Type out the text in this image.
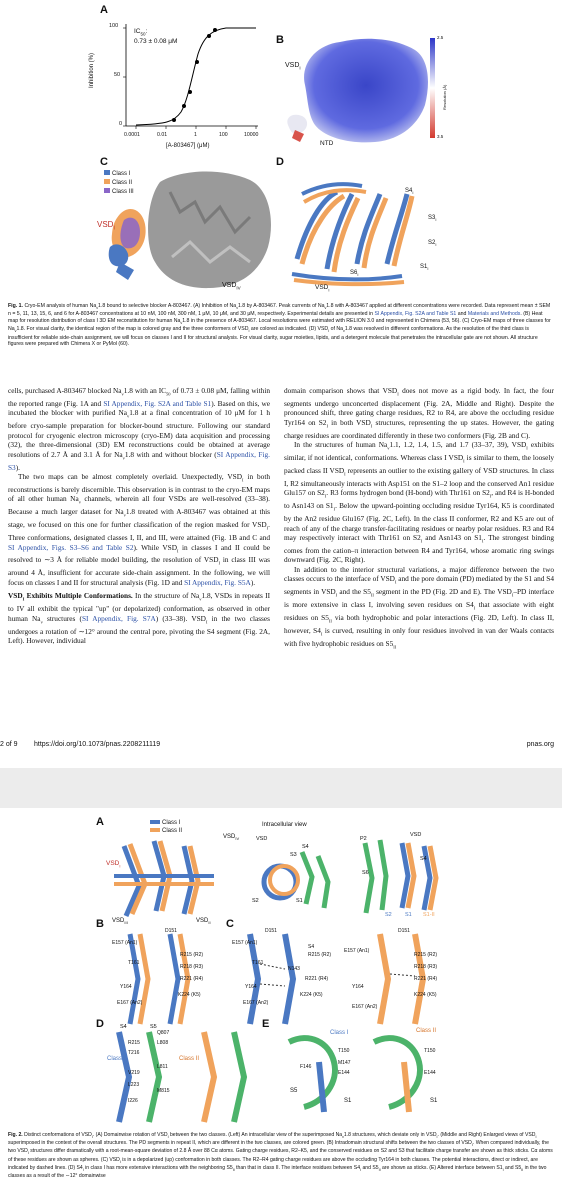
A
$IC_{50}$:
0.73 ± 0.08 μM
Inhibition (%)
100
50
0
0.0001	0.01	1	100	10000
[A-803467] (μM)
B
$VSD_I$
NTD
2.5
3.5
Resolution (Å)
C
Class I
Class II
Class III
$VSD_I$
$VSD_{IV}$
D
$S4_I$
$S3_I$
$S2_I$
$S1_I$
$S6_I$
$VSD_I$
Fig. 1. Cryo-EM analysis of human $Na_v1.8$ bound to selective blocker A-803467. (A) Inhibition of $Na_v1.8$ by A-803467. Peak currents of $Na_v1.8$ with A-803467 applied at different concentrations were recorded. Data represent mean ± SEM n = 5, 11, 13, 15, 6, and 6 for A-803467 concentrations at 10 nM, 100 nM, 300 nM, 1 μM, 10 μM, and 30 μM, respectively. Experimental details are presented in SI Appendix, Fig. S2A and Table S1 and Materials and Methods. (B) Heat map for resolution distribution of class I 3D EM reconstitution for human $Na_v1.8$ in the presence of A-803467. Local resolutions were estimated with RELION 3.0 and represented in Chimera (53, 56). (C) Cryo-EM maps of three classes for $Na_v1.8$. For visual clarity, the identical region of the map is colored gray and the three conformers of $VSD_I$ are colored as indicated. (D) $VSD_I$ of $Na_v1.8$ was resolved in different conformations. As the resolution of the third class is insufficient for reliable side-chain assignment, we will focus on classes I and II for structural analysis. For visual clarity, sugar moieties, lipids, and a detergent molecule that penetrates the intracellular gate are not shown. All structure figures were prepared with Chimera X or PyMol (60).

cells, purchased A-803467 blocked $Na_v1.8$ with an $IC_{50}$ of 0.73 ± 0.08 μM, falling within the reported range (Fig. 1A and SI Appendix, Fig. S2A and Table S1). Based on this, we incubated the blocker with purified $Na_v1.8$ at a final concentration of 10 μM for 1 h before cryo-sample preparation for blocker-bound structure. Following our standard protocol for cryogenic electron microscopy (cryo-EM) data acquisition and processing (32), the three-dimensional (3D) EM reconstructions could be obtained at average resolutions of 2.7 Å and 3.1 Å for $Na_v1.8$ with and without blocker (SI Appendix, Fig. S3).

The two maps can be almost completely overlaid. Unexpectedly, $VSD_I$ in both reconstructions is barely discernible. This observation is in contrast to the cryo-EM maps of all other human $Na_v$ channels, wherein all four VSDs are well-resolved (33–38). Because a much larger dataset for $Na_v1.8$ treated with A-803467 was obtained at this stage, we focused on this one for further classification of the region masked for $VSD_I$. Three conformations, designated classes I, II, and III, were attained (Fig. 1B and C and SI Appendix, Figs. S3–S6 and Table S2). While $VSD_I$ in classes I and II could be resolved to ∼3 Å for reliable model building, the resolution of $VSD_I$ in class III was around 4 Å, insufficient for accurate side-chain assignment. In the following, we will focus on classes I and II for structural analysis (Fig. 1D and SI Appendix, Fig. S5A).

$VSD_I$ Exhibits Multiple Conformations. In the structure of $Na_v1.8$, VSDs in repeats II to IV all exhibit the typical "up" (or depolarized) conformation, as observed in other human $Na_v$ structures (SI Appendix, Fig. S7A) (33–38). $VSD_I$ in the two classes undergoes a rotation of ∼12° around the central pore, pivoting the S4 segment (Fig. 2A, Left). However, individual

domain comparison shows that $VSD_I$ does not move as a rigid body. In fact, the four segments undergo unconcerted displacement (Fig. 2A, Middle and Right). Despite the pronounced shift, three gating charge residues, R2 to R4, are above the occluding residue Tyr164 on $S2_I$ in both $VSD_I$ structures, representing the up states. However, the gating charge residues are coordinated differently in these two conformers (Fig. 2B and C).

In the structures of human $Na_v1.1$, 1.2, 1.4, 1.5, and 1.7 (33–37, 39), $VSD_I$ exhibits similar, if not identical, conformations. Whereas class I $VSD_I$ is similar to them, the loosely packed class II $VSD_I$ represents an outlier to the existing gallery of VSD structures. In class I, R2 simultaneously interacts with Asp151 on the S1–2 loop and the conserved An1 residue Glu157 on $S2_I$. R3 forms hydrogen bond (H-bond) with Thr161 on $S2_I$, and R4 is H-bonded to Asn143 on $S1_I$. Below the upward-pointing occluding residue Tyr164, K5 is coordinated by the An2 residue Glu167 (Fig. 2C, Left). In the class II conformer, R2 and K5 are out of reach of any of the charge transfer-facilitating residues or nearby polar residues. R3 and R4 may respectively interact with Thr161 on $S2_I$ and Asn143 on $S1_I$. The strongest binding comes from the cation–π interaction between R4 and Tyr164, whose aromatic ring swings downward (Fig. 2C, Right).

In addition to the interior structural variations, a major difference between the two classes occurs to the interface of $VSD_I$ and the pore domain (PD) mediated by the S1 and S4 segments in $VSD_I$ and the $S5_{II}$ segment in the PD (Fig. 2D and E). The $VSD_I-PD$ interface is more extensive in class I, involving seven residues on $S4_I$ that associate with eight residues on $S5_{II}$ via both hydrophobic and polar interactions (Fig. 2D, Left). In class II, however, $S4_I$ is curved, resulting in only four residues involved in van der Waals contacts with five hydrophobic residues on $S5_{II}$

2 of 9 https://doi.org/10.1073/pnas.2208211119	pnas.org
A	Class I
Class II
$VSD_{IV}$
$VSD_I$
$VSD_{III}$	$VSD_{II}$
Intracellular view
VSD
S1
S2
S3
S4
VSD
P2
S4
S1
S2
S6
S1-II
B	C
D151
E157 (An1)
R215 (R2)
T161
R218 (R3)
R221 (R4)
Y164
K224 (K5)
E167 (An2)
D151
E157 (An1)
S4
R215 (R2)
T161
N143
R221 (R4)
Y164
K224 (K5)
E167 (An2)
D151
E157 (An1)
R215 (R2)
R218 (R3)
R221 (R4)
Y164
K224 (K5)
E167 (An2)
D	E
Class I	Class II
R215
T216
V219
L223
I226
Q807
L808
L811
M815
S4	S5
Class I	Class II
T150
M147
E144
F146
S1
S5
T150
E144
S1
Fig. 2. Distinct conformations of $VSD_I$. (A) Domainwise rotation of $VSD_I$ between the two classes. (Left) An intracellular view of the superimposed $Na_v1.8$ structures, which deviate only in $VSD_I$. (Middle and Right) Enlarged views of $VSD_I$ superimposed in the context of the overall structures. The PD segments in repeat II, which are different in the two classes, are colored green. (B) Intradomain structural shifts between the two classes of $VSD_I$. When compared individually, the two $VSD_I$ structures differ dramatically with a root-mean-square deviation of 2.8 Å over 88 Cα atoms. Gating charge residues, R2–K5, and the conserved residues on S2 and S3 that facilitate charge transfer are shown as thick sticks. Cα atoms of these residues are shown as spheres. (C) $VSD_I$ is in a depolarized (up) conformation in both classes. The R2–R4 gating charge residues are above the occluding Tyr164 in both classes. The potential interactions, direct or indirect, are indicated by dashed lines. (D) $S4_I$ in class I has more extensive interactions with the neighboring $S5_{II}$ than that in class II. The interface residues between $S4_I$ and $S5_{II}$ are shown as sticks. (E) Altered interface between $S1_I$ and $S5_{II}$ in the two classes as a result of the ∼12° domainwise
